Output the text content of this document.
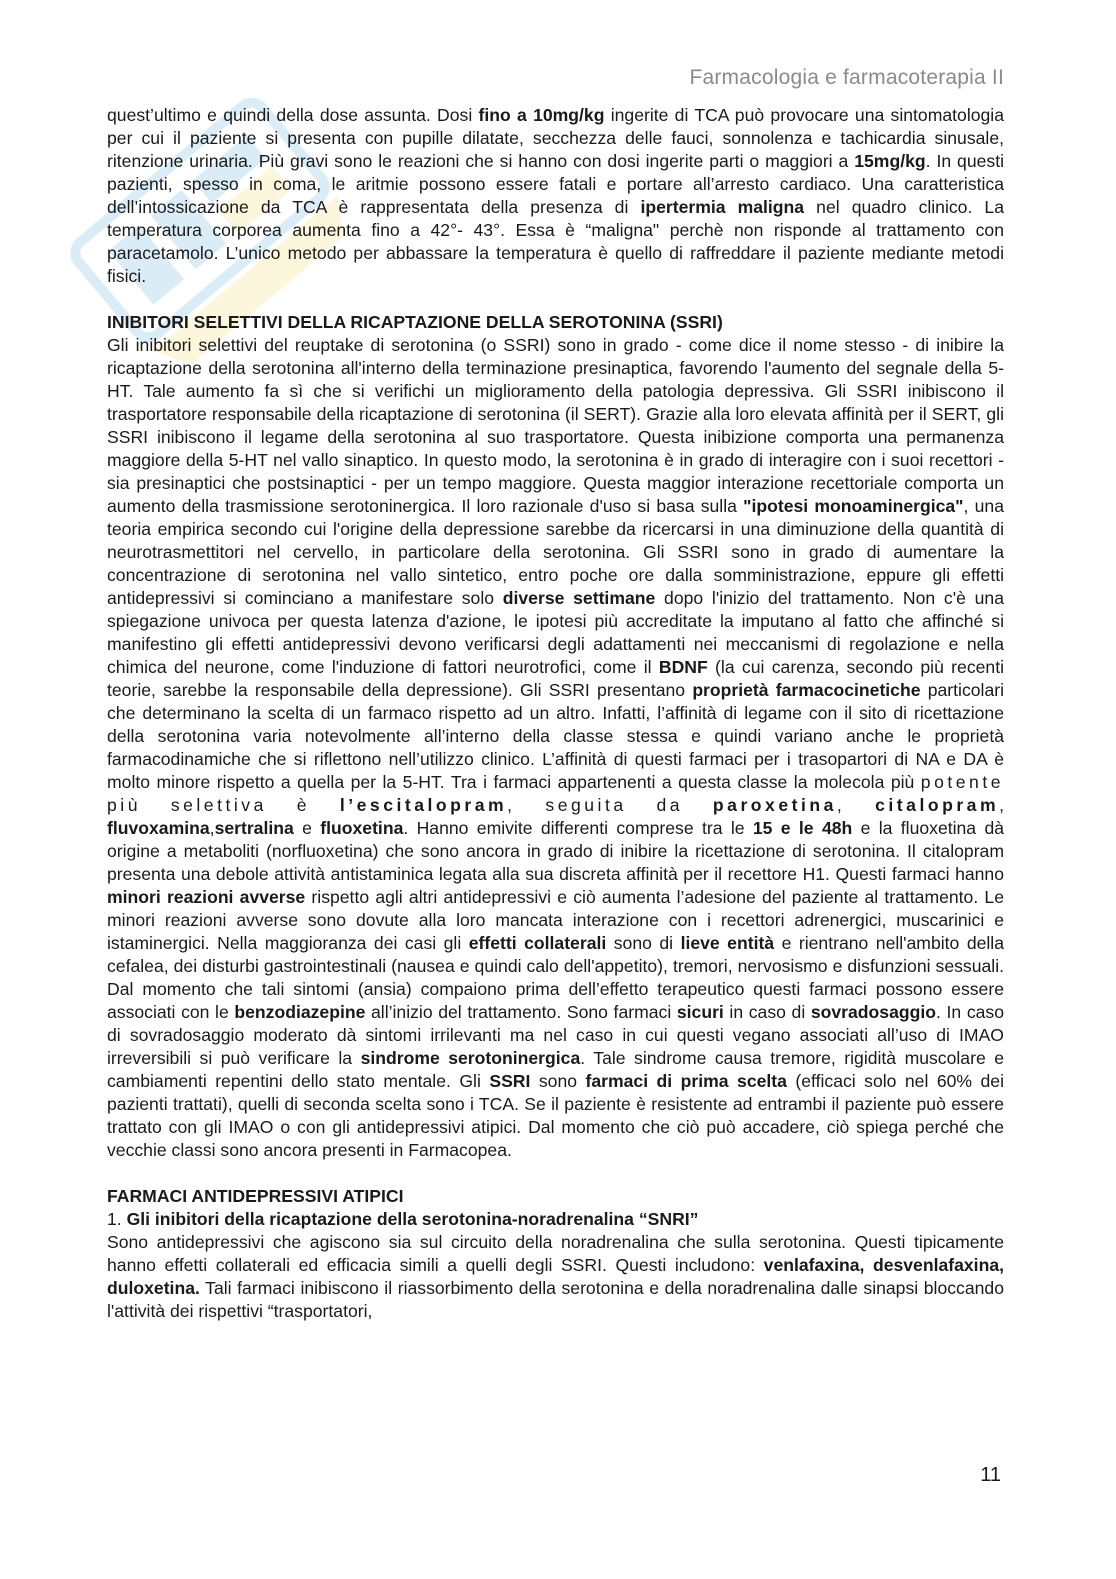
Farmacologia e farmacoterapia II

quest’ultimo e quindi della dose assunta. Dosi fino a 10mg/kg ingerite di TCA può provocare una sintomatologia per cui il paziente si presenta con pupille dilatate, secchezza delle fauci, sonnolenza e tachicardia sinusale, ritenzione urinaria. Più gravi sono le reazioni che si hanno con dosi ingerite parti o maggiori a 15mg/kg. In questi pazienti, spesso in coma, le aritmie possono essere fatali e portare all’arresto cardiaco. Una caratteristica dell’intossicazione da TCA è rappresentata della presenza di ipertermia maligna nel quadro clinico. La temperatura corporea aumenta fino a 42°- 43°. Essa è “maligna" perchè non risponde al trattamento con paracetamolo. L’unico metodo per abbassare la temperatura è quello di raffreddare il paziente mediante metodi fisici.

INIBITORI SELETTIVI DELLA RICAPTAZIONE DELLA SEROTONINA (SSRI)

Gli inibitori selettivi del reuptake di serotonina (o SSRI) sono in grado - come dice il nome stesso - di inibire la ricaptazione della serotonina all'interno della terminazione presinaptica, favorendo l'aumento del segnale della 5-HT. Tale aumento fa sì che si verifichi un miglioramento della patologia depressiva. Gli SSRI inibiscono il trasportatore responsabile della ricaptazione di serotonina (il SERT). Grazie alla loro elevata affinità per il SERT, gli SSRI inibiscono il legame della serotonina al suo trasportatore. Questa inibizione comporta una permanenza maggiore della 5-HT nel vallo sinaptico. In questo modo, la serotonina è in grado di interagire con i suoi recettori - sia presinaptici che postsinaptici - per un tempo maggiore. Questa maggior interazione recettoriale comporta un aumento della trasmissione serotoninergica. Il loro razionale d'uso si basa sulla "ipotesi monoaminergica", una teoria empirica secondo cui l'origine della depressione sarebbe da ricercarsi in una diminuzione della quantità di neurotrasmettitori nel cervello, in particolare della serotonina. Gli SSRI sono in grado di aumentare la concentrazione di serotonina nel vallo sintetico, entro poche ore dalla somministrazione, eppure gli effetti antidepressivi si cominciano a manifestare solo diverse settimane dopo l'inizio del trattamento. Non c'è una spiegazione univoca per questa latenza d'azione, le ipotesi più accreditate la imputano al fatto che affinché si manifestino gli effetti antidepressivi devono verificarsi degli adattamenti nei meccanismi di regolazione e nella chimica del neurone, come l'induzione di fattori neurotrofici, come il BDNF (la cui carenza, secondo più recenti teorie, sarebbe la responsabile della depressione). Gli SSRI presentano proprietà farmacocinetiche particolari che determinano la scelta di un farmaco rispetto ad un altro. Infatti, l’affinità di legame con il sito di ricettazione della serotonina varia notevolmente all’interno della classe stessa e quindi variano anche le proprietà farmacodinamiche che si riflettono nell’utilizzo clinico. L’affinità di questi farmaci per i trasopartori di NA e DA è molto minore rispetto a quella per la 5-HT. Tra i farmaci appartenenti a questa classe la molecola più potente più selettiva è l’escitalopram, seguita da paroxetina, citalopram, fluvoxamina,sertralina e fluoxetina. Hanno emivite differenti comprese tra le 15 e le 48h e la fluoxetina dà origine a metaboliti (norfluoxetina) che sono ancora in grado di inibire la ricettazione di serotonina. Il citalopram presenta una debole attività antistaminica legata alla sua discreta affinità per il recettore H1. Questi farmaci hanno minori reazioni avverse rispetto agli altri antidepressivi e ciò aumenta l’adesione del paziente al trattamento. Le minori reazioni avverse sono dovute alla loro mancata interazione con i recettori adrenergici, muscarinici e istaminergici. Nella maggioranza dei casi gli effetti collaterali sono di lieve entità e rientrano nell'ambito della cefalea, dei disturbi gastrointestinali (nausea e quindi calo dell'appetito), tremori, nervosismo e disfunzioni sessuali. Dal momento che tali sintomi (ansia) compaiono prima dell’effetto terapeutico questi farmaci possono essere associati con le benzodiazepine all’inizio del trattamento. Sono farmaci sicuri in caso di sovradosaggio. In caso di sovradosaggio moderato dà sintomi irrilevanti ma nel caso in cui questi vegano associati all’uso di IMAO irreversibili si può verificare la sindrome serotoninergica. Tale sindrome causa tremore, rigidità muscolare e cambiamenti repentini dello stato mentale. Gli SSRI sono farmaci di prima scelta (efficaci solo nel 60% dei pazienti trattati), quelli di seconda scelta sono i TCA. Se il paziente è resistente ad entrambi il paziente può essere trattato con gli IMAO o con gli antidepressivi atipici. Dal momento che ciò può accadere, ciò spiega perché che vecchie classi sono ancora presenti in Farmacopea.

FARMACI ANTIDEPRESSIVI ATIPICI
1. Gli inibitori della ricaptazione della serotonina-noradrenalina “SNRI”

Sono antidepressivi che agiscono sia sul circuito della noradrenalina che sulla serotonina. Questi tipicamente hanno effetti collaterali ed efficacia simili a quelli degli SSRI. Questi includono: venlafaxina, desvenlafaxina, duloxetina. Tali farmaci inibiscono il riassorbimento della serotonina e della noradrenalina dalle sinapsi bloccando l'attività dei rispettivi “trasportatori,

11
